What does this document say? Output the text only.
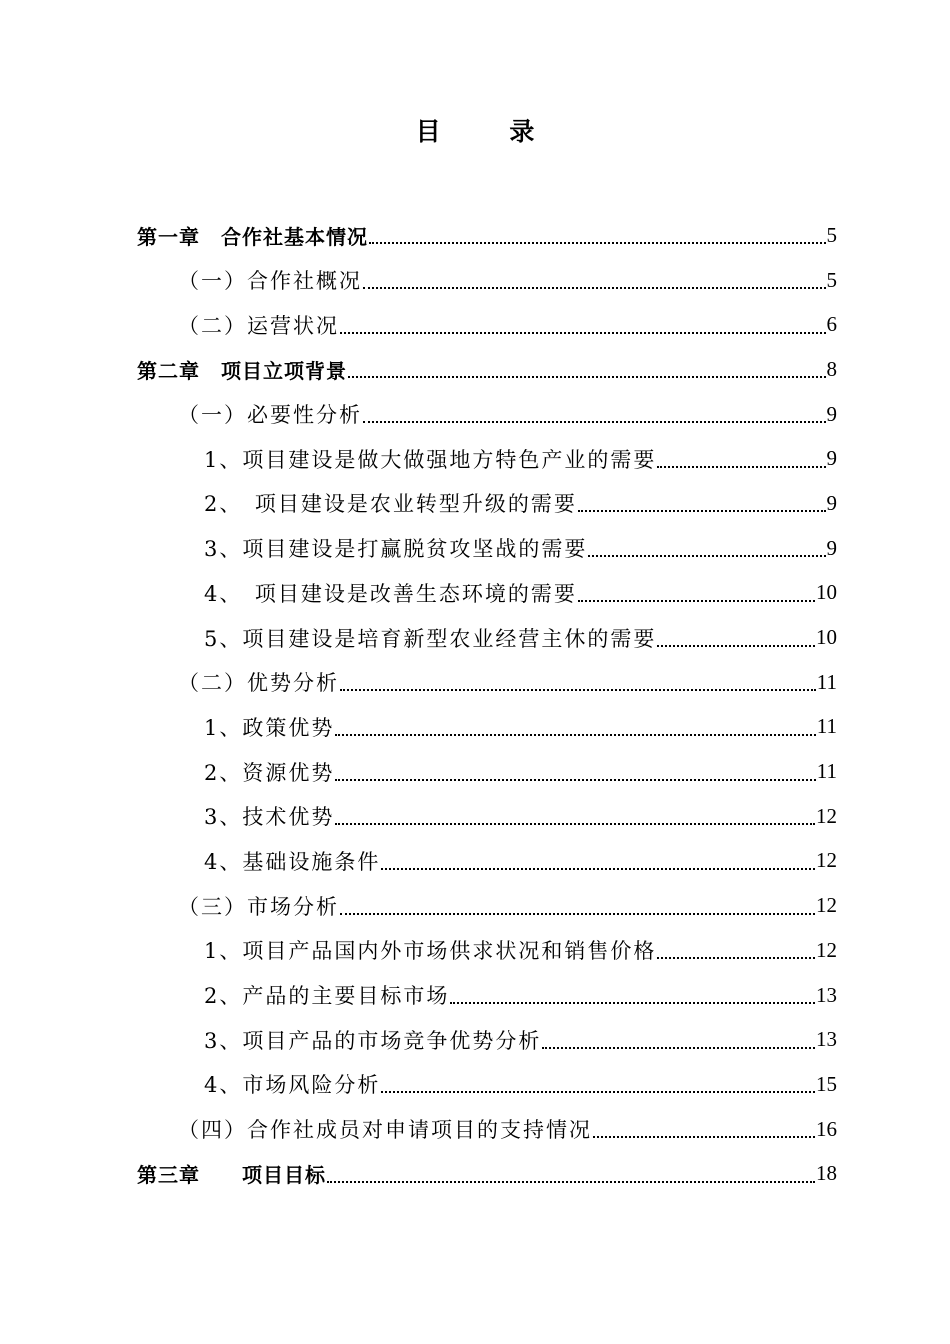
目 录
第一章　合作社基本情况	5
（一）合作社概况	5
（二）运营状况	6
第二章　项目立项背景	8
（一）必要性分析	9
1、项目建设是做大做强地方特色产业的需要	9
2、　项目建设是农业转型升级的需要	9
3、项目建设是打赢脱贫攻坚战的需要	9
4、　项目建设是改善生态环境的需要	10
5、项目建设是培育新型农业经营主休的需要	10
（二）优势分析	11
1、政策优势	11
2、资源优势	11
3、技术优势	12
4、基础设施条件	12
（三）市场分析	12
1、项目产品国内外市场供求状况和销售价格	12
2、产品的主要目标市场	13
3、项目产品的市场竞争优势分析	13
4、市场风险分析	15
（四）合作社成员对申请项目的支持情况	16
第三章　　项目目标	18
